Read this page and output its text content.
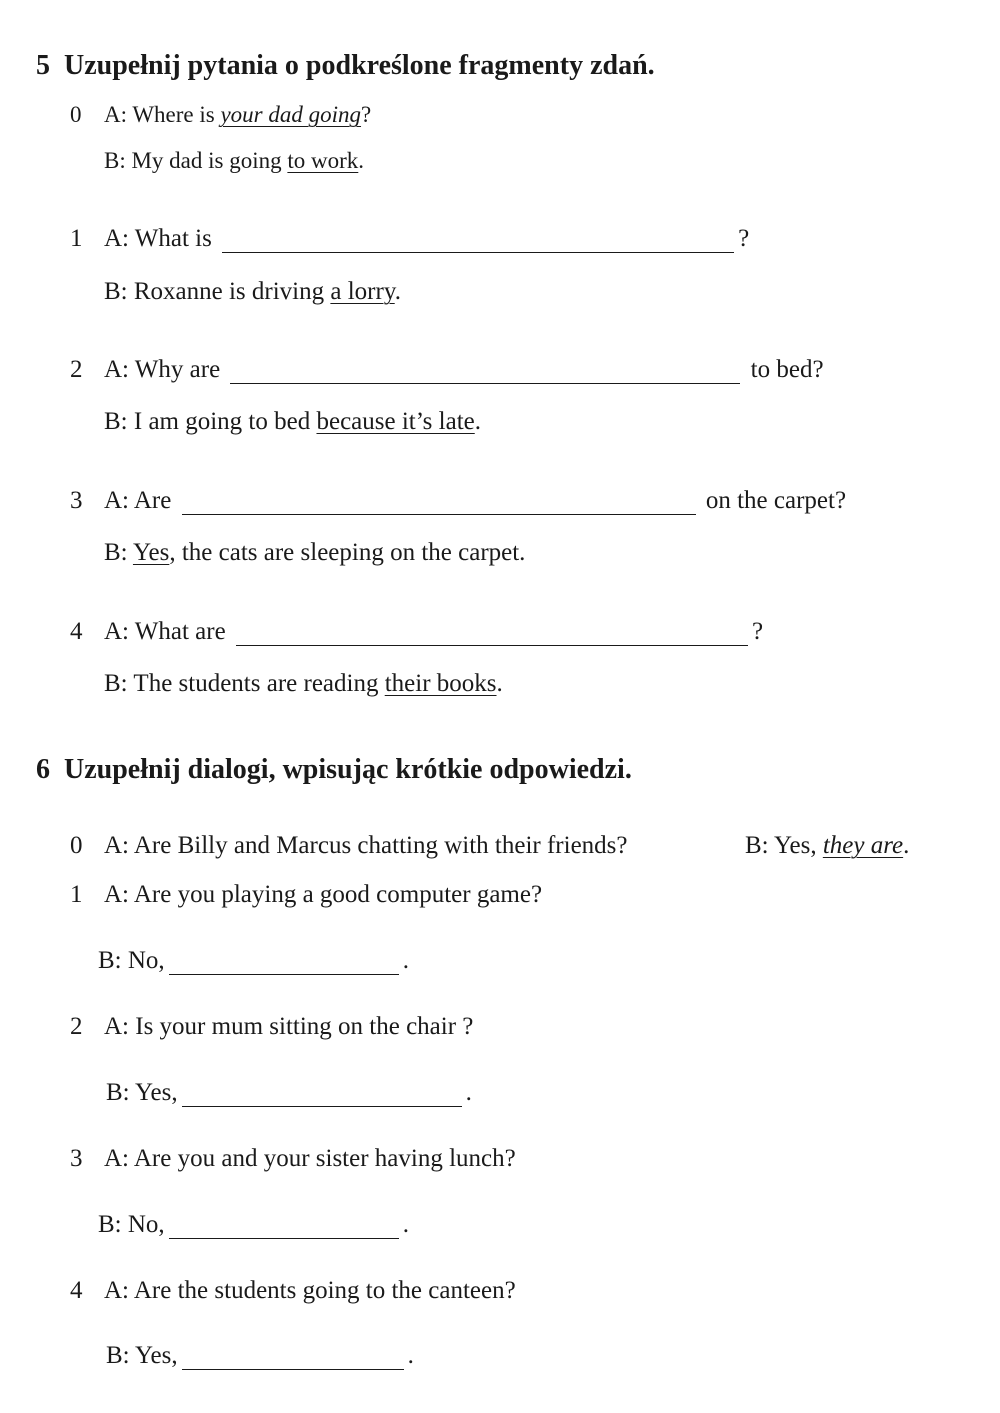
5 Uzupełnij pytania o podkreślone fragmenty zdań.
0 A: Where is your dad going?
B: My dad is going to work.
1 A: What is	?
B: Roxanne is driving a lorry.
2 A: Why are	to bed?
B: I am going to bed because it’s late.
3 A: Are	on the carpet?
B: Yes, the cats are sleeping on the carpet.
4 A: What are	?
B: The students are reading their books.
6 Uzupełnij dialogi, wpisując krótkie odpowiedzi.
0 A: Are Billy and Marcus chatting with their friends?	B: Yes, they are.
1 A: Are you playing a good computer game?
B: No,	.
2 A: Is your mum sitting on the chair ?
B: Yes,	.
3 A: Are you and your sister having lunch?
B: No,	.
4 A: Are the students going to the canteen?
B: Yes,	.
